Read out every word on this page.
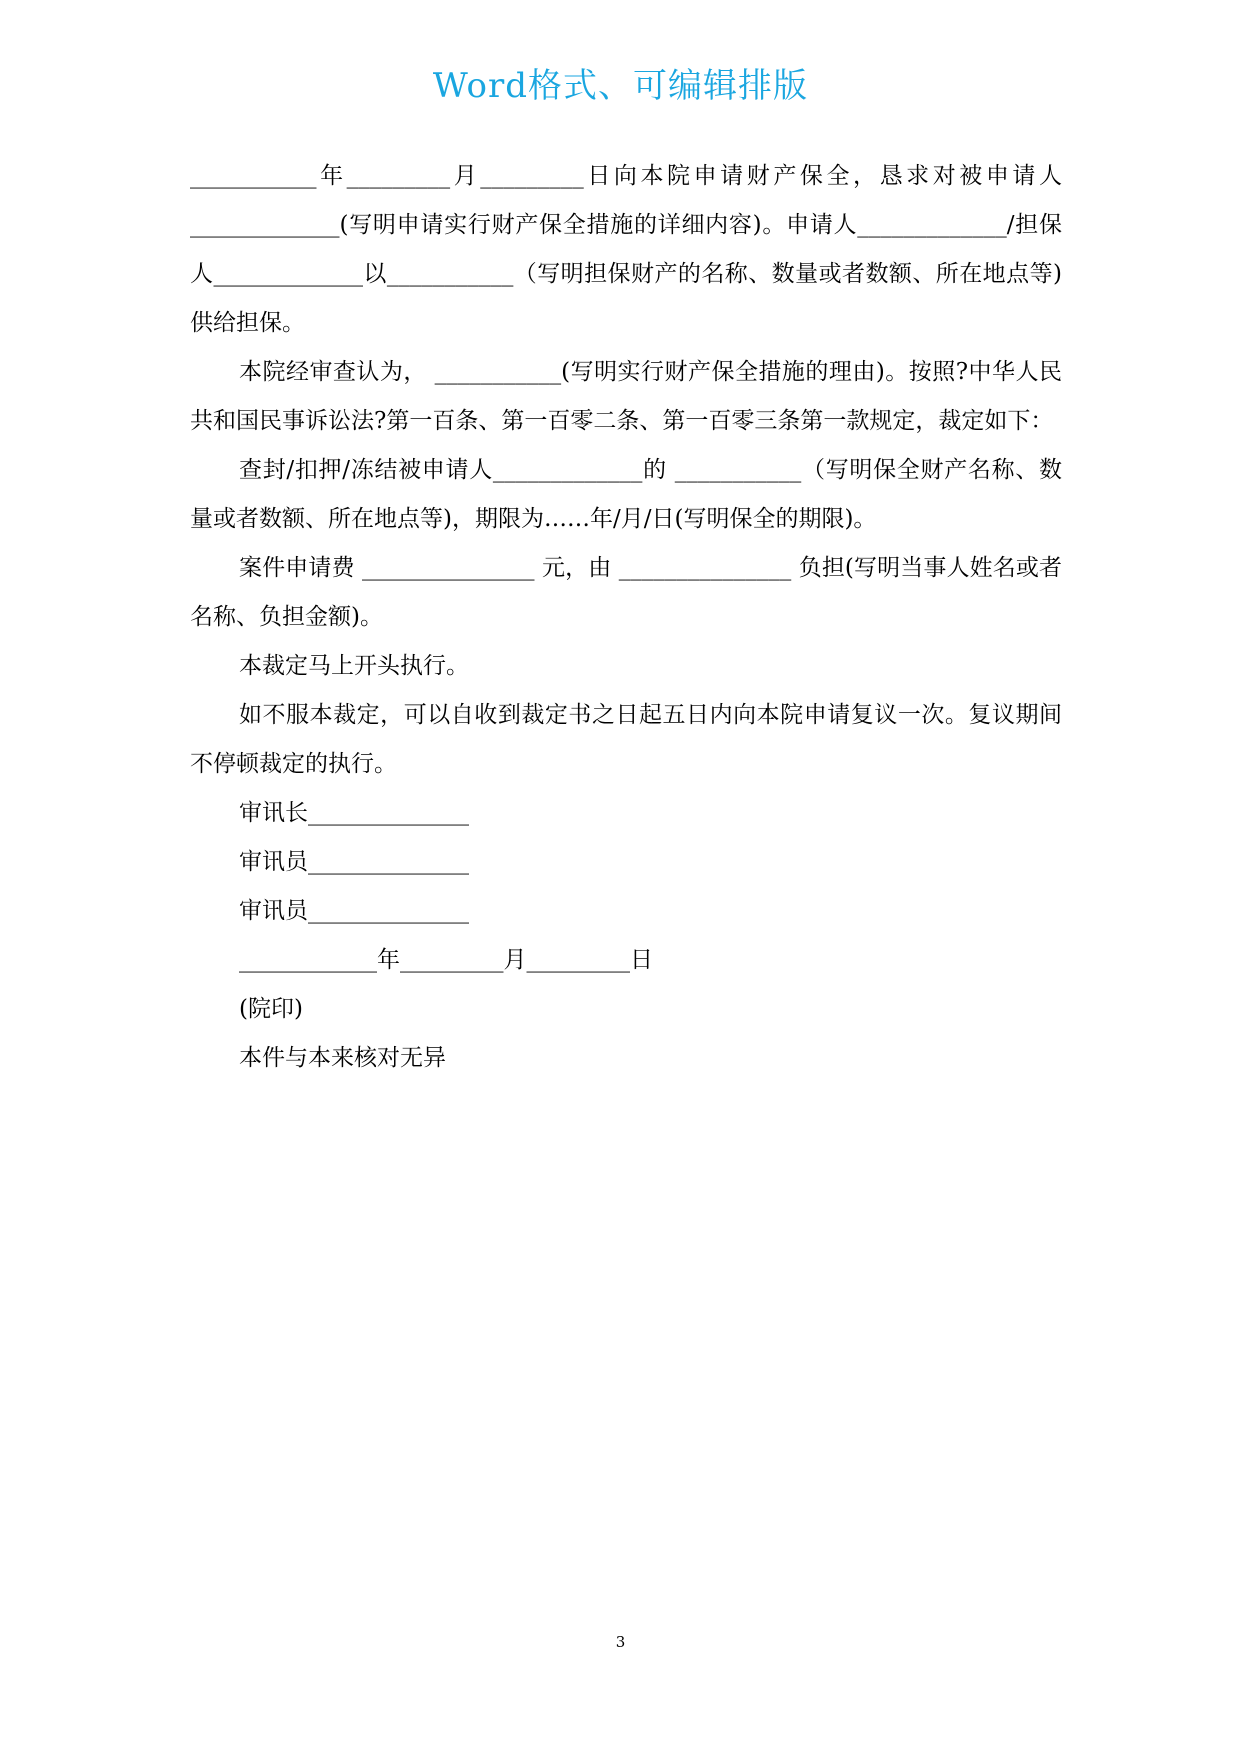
Word格式、可编辑排版

___________年_________月_________日向本院申请财产保全，恳求对被申请人_____________(写明申请实行财产保全措施的详细内容)。申请人_____________/担保人_____________以___________（写明担保财产的名称、数量或者数额、所在地点等)供给担保。

本院经审查认为， ___________(写明实行财产保全措施的理由)。按照?中华人民共和国民事诉讼法?第一百条、第一百零二条、第一百零三条第一款规定，裁定如下：

查封/扣押/冻结被申请人_____________的 ___________（写明保全财产名称、数量或者数额、所在地点等)，期限为……年/月/日(写明保全的期限)。

案件申请费 _______________ 元，由 _______________ 负担(写明当事人姓名或者名称、负担金额)。

本裁定马上开头执行。

如不服本裁定，可以自收到裁定书之日起五日内向本院申请复议一次。复议期间不停顿裁定的执行。

审讯长______________

审讯员______________

审讯员______________

____________年_________月_________日

(院印)

本件与本来核对无异

3
